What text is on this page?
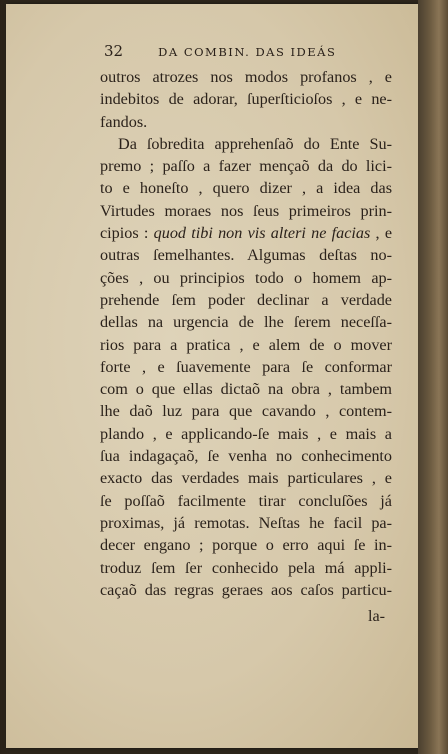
32	DA COMBIN. DAS IDEÁS
outros atrozes nos modos profanos , e
indebitos de adorar, ſuperſticioſos , e ne-
fandos.
Da ſobredita apprehenſaõ do Ente Su-
premo ; paſſo a fazer mençaõ da do lici-
to e honeſto , quero dizer , a idea das
Virtudes moraes nos ſeus primeiros prin-
cipios : quod tibi non vis alteri ne facias , e
outras ſemelhantes. Algumas deſtas no-
ções , ou principios todo o homem ap-
prehende ſem poder declinar a verdade
dellas na urgencia de lhe ſerem neceſſa-
rios para a pratica , e alem de o mover
forte , e ſuavemente para ſe conformar
com o que ellas dictaõ na obra , tambem
lhe daõ luz para que cavando , contem-
plando , e applicando-ſe mais , e mais a
ſua indagaçaõ, ſe venha no conhecimento
exacto das verdades mais particulares , e
ſe poſſaõ facilmente tirar concluſões já
proximas, já remotas. Neſtas he facil pa-
decer engano ; porque o erro aqui ſe in-
troduz ſem ſer conhecido pela má appli-
caçaõ das regras geraes aos caſos particu-
la-
